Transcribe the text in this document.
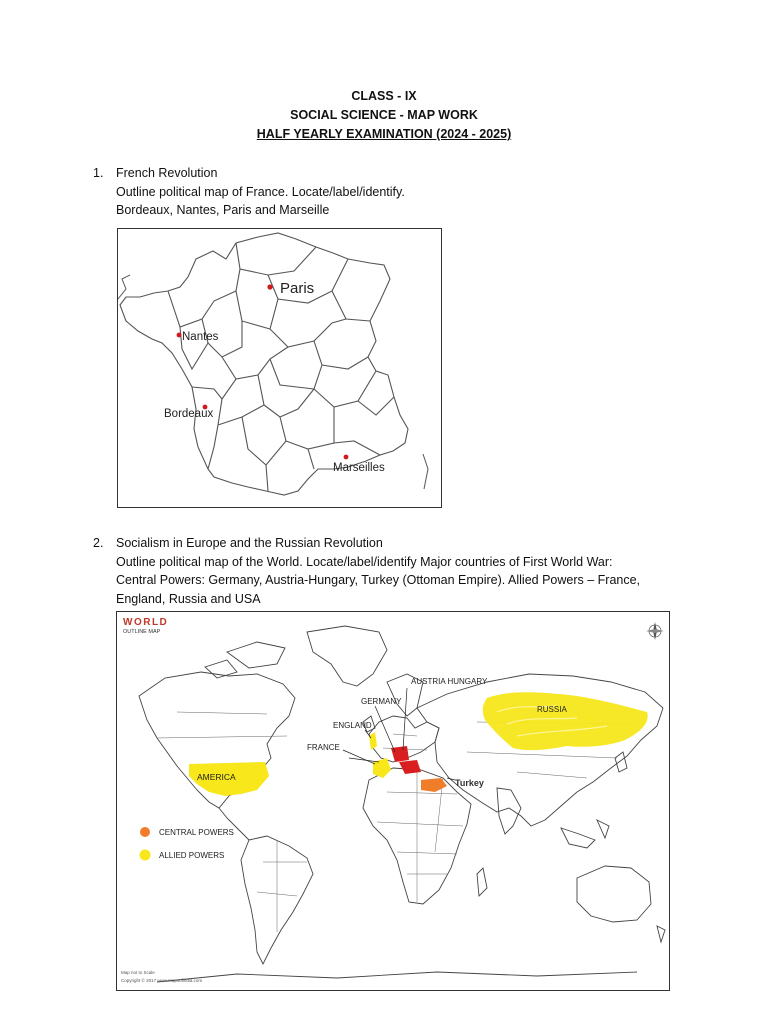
CLASS - IX
SOCIAL SCIENCE - MAP WORK
HALF YEARLY EXAMINATION (2024 - 2025)
1. French Revolution
Outline political map of France. Locate/label/identify.
Bordeaux, Nantes, Paris and Marseille
Paris
Nantes
Bordeaux
Marseilles
2. Socialism in Europe and the Russian Revolution
Outline political map of the World. Locate/label/identify Major countries of First World War:
Central Powers: Germany, Austria-Hungary, Turkey (Ottoman Empire). Allied Powers – France,
England, Russia and USA
WORLD
OUTLINE MAP
AUSTRIA HUNGARY
GERMANY
ENGLAND
FRANCE
RUSSIA
AMERICA
Turkey
CENTRAL POWERS
ALLIED POWERS
Map not to Scale
Copyright © 2017 www.mapsofindia.com
